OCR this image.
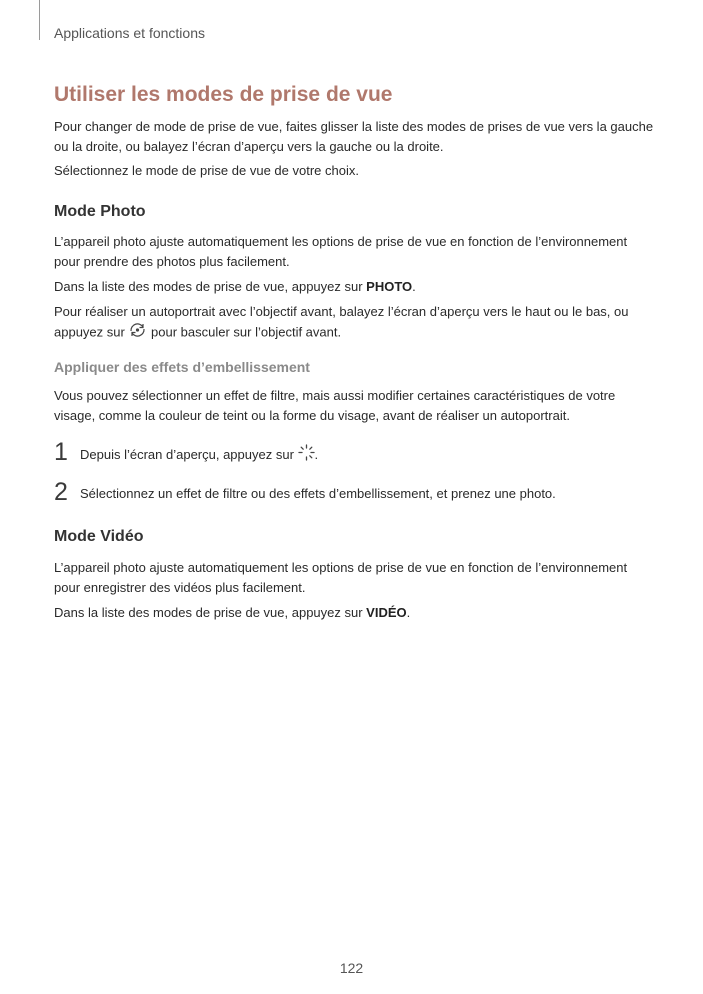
Applications et fonctions
Utiliser les modes de prise de vue
Pour changer de mode de prise de vue, faites glisser la liste des modes de prises de vue vers la gauche ou la droite, ou balayez l’écran d’aperçu vers la gauche ou la droite.
Sélectionnez le mode de prise de vue de votre choix.
Mode Photo
L’appareil photo ajuste automatiquement les options de prise de vue en fonction de l’environnement pour prendre des photos plus facilement.
Dans la liste des modes de prise de vue, appuyez sur PHOTO.
Pour réaliser un autoportrait avec l’objectif avant, balayez l’écran d’aperçu vers le haut ou le bas, ou
appuyez sur  pour basculer sur l’objectif avant.
Appliquer des effets d’embellissement
Vous pouvez sélectionner un effet de filtre, mais aussi modifier certaines caractéristiques de votre visage, comme la couleur de teint ou la forme du visage, avant de réaliser un autoportrait.
1 Depuis l’écran d’aperçu, appuyez sur .
2 Sélectionnez un effet de filtre ou des effets d’embellissement, et prenez une photo.
Mode Vidéo
L’appareil photo ajuste automatiquement les options de prise de vue en fonction de l’environnement pour enregistrer des vidéos plus facilement.
Dans la liste des modes de prise de vue, appuyez sur VIDÉO.
122
